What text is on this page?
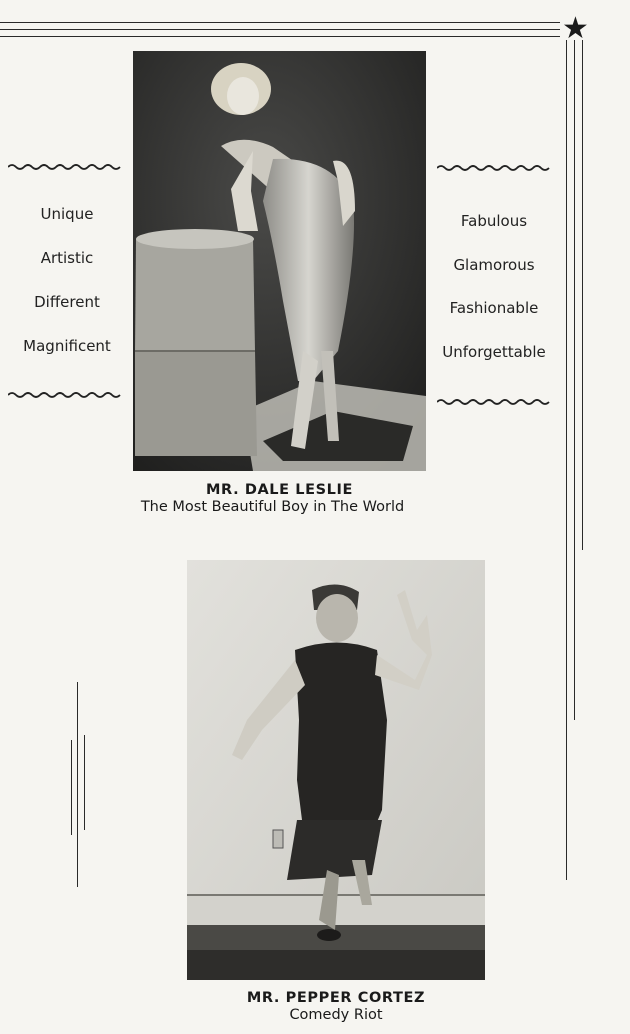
★
Unique
Artistic
Different
Magnificent
Fabulous
Glamorous
Fashionable
Unforgettable
MR. DALE LESLIE
The Most Beautiful Boy in The World
MR. PEPPER CORTEZ
Comedy Riot
